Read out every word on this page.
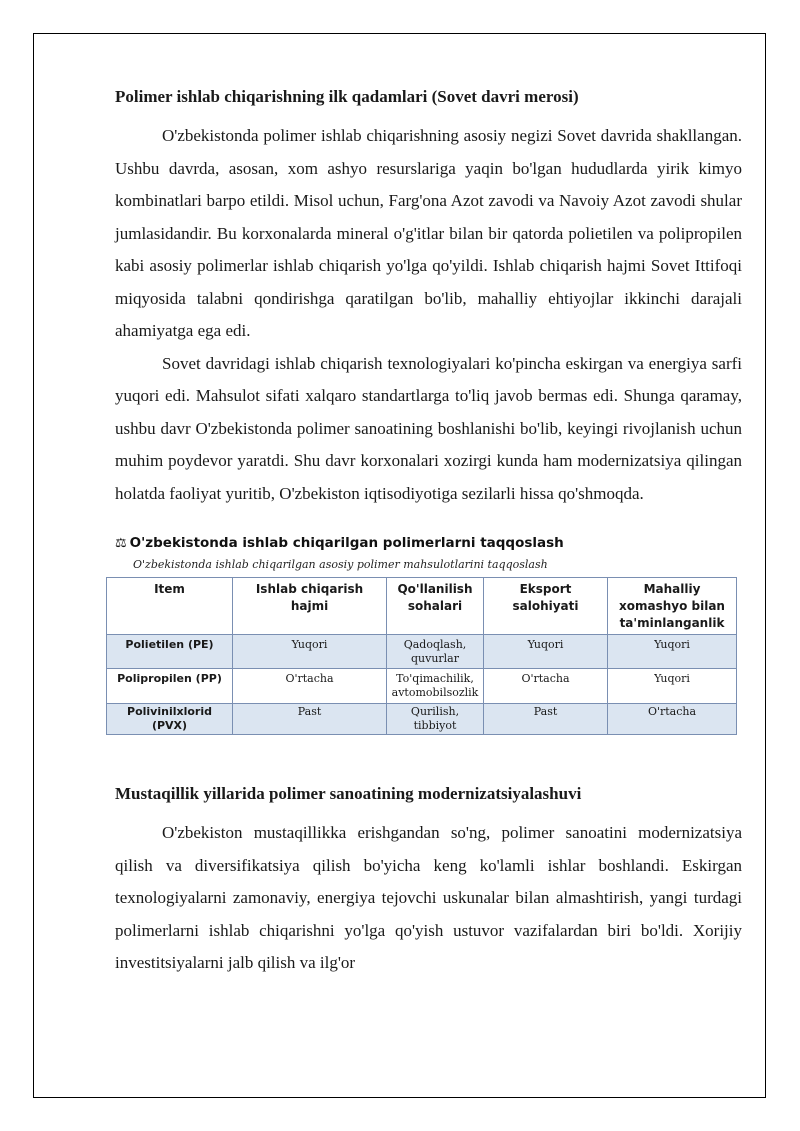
Polimer ishlab chiqarishning ilk qadamlari (Sovet davri merosi)

O'zbekistonda polimer ishlab chiqarishning asosiy negizi Sovet davrida shakllangan. Ushbu davrda, asosan, xom ashyo resurslariga yaqin bo'lgan hududlarda yirik kimyo kombinatlari barpo etildi. Misol uchun, Farg'ona Azot zavodi va Navoiy Azot zavodi shular jumlasidandir. Bu korxonalarda mineral o'g'itlar bilan bir qatorda polietilen va polipropilen kabi asosiy polimerlar ishlab chiqarish yo'lga qo'yildi. Ishlab chiqarish hajmi Sovet Ittifoqi miqyosida talabni qondirishga qaratilgan bo'lib, mahalliy ehtiyojlar ikkinchi darajali ahamiyatga ega edi.

Sovet davridagi ishlab chiqarish texnologiyalari ko'pincha eskirgan va energiya sarfi yuqori edi. Mahsulot sifati xalqaro standartlarga to'liq javob bermas edi. Shunga qaramay, ushbu davr O'zbekistonda polimer sanoatining boshlanishi bo'lib, keyingi rivojlanish uchun muhim poydevor yaratdi. Shu davr korxonalari xozirgi kunda ham modernizatsiya qilingan holatda faoliyat yuritib, O'zbekiston iqtisodiyotiga sezilarli hissa qo'shmoqda.

⚖ O'zbekistonda ishlab chiqarilgan polimerlarni taqqoslash
O'zbekistonda ishlab chiqarilgan asosiy polimer mahsulotlarini taqqoslash
Item	Ishlab chiqarish hajmi	Qo'llanilish sohalari	Eksport salohiyati	Mahalliy xomashyo bilan ta'minlanganlik
Polietilen (PE)	Yuqori	Qadoqlash, quvurlar	Yuqori	Yuqori
Polipropilen (PP)	O'rtacha	To'qimachilik, avtomobilsozlik	O'rtacha	Yuqori
Polivinilxlorid (PVX)	Past	Qurilish, tibbiyot	Past	O'rtacha
Mustaqillik yillarida polimer sanoatining modernizatsiyalashuvi

O'zbekiston mustaqillikka erishgandan so'ng, polimer sanoatini modernizatsiya qilish va diversifikatsiya qilish bo'yicha keng ko'lamli ishlar boshlandi. Eskirgan texnologiyalarni zamonaviy, energiya tejovchi uskunalar bilan almashtirish, yangi turdagi polimerlarni ishlab chiqarishni yo'lga qo'yish ustuvor vazifalardan biri bo'ldi. Xorijiy investitsiyalarni jalb qilish va ilg'or
